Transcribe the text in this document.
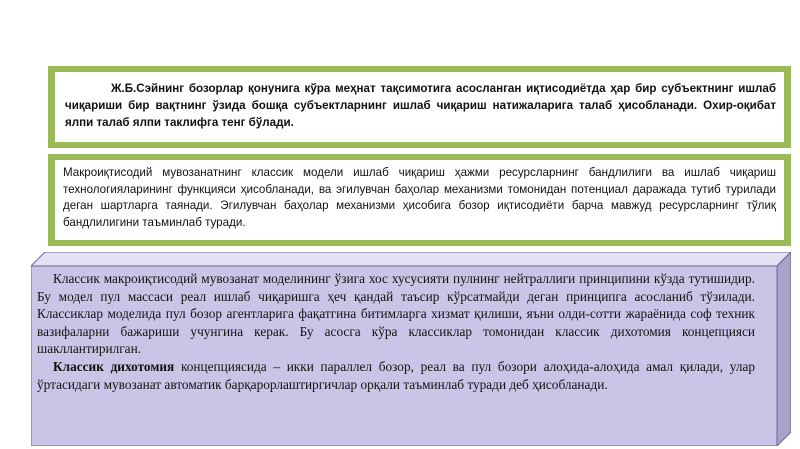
Ж.Б.Сэйнинг бозорлар қонунига кўра меҳнат тақсимотига асосланган иқтисодиётда ҳар бир субъектнинг ишлаб чиқариши бир вақтнинг ўзида бошқа субъектларнинг ишлаб чиқариш натижаларига талаб ҳисобланади. Охир-оқибат ялпи талаб ялпи таклифга тенг бўлади.

Макроиқтисодий мувозанатнинг классик модели ишлаб чиқариш ҳажми ресурсларнинг бандлилиги ва ишлаб чиқариш технологияларининг функцияси ҳисобланади, ва эгилувчан баҳолар механизми томонидан потенциал даражада тутиб турилади деган шартларга таянади. Эгилувчан баҳолар механизми ҳисобига бозор иқтисодиёти барча мавжуд ресурсларнинг тўлиқ бандлилигини таъминлаб туради.

Классик макроиқтисодий мувозанат моделининг ўзига хос хусусияти пулнинг нейтраллиги принципини кўзда тутишидир. Бу модел пул массаси реал ишлаб чиқаришга ҳеч қандай таъсир кўрсатмайди деган принципга асосланиб тўзилади. Классиклар моделида пул бозор агентларига фақатгина битимларга хизмат қилиши, яъни олди-сотти жараёнида соф техник вазифаларни бажариши учунгина керак. Бу асосга кўра классиклар томонидан классик дихотомия концепцияси шакллантирилган.

Классик дихотомия концепциясида – икки параллел бозор, реал ва пул бозори алоҳида-алоҳида амал қилади, улар ўртасидаги мувозанат автоматик барқарорлаштиргичлар орқали таъминлаб туради деб ҳисобланади.
